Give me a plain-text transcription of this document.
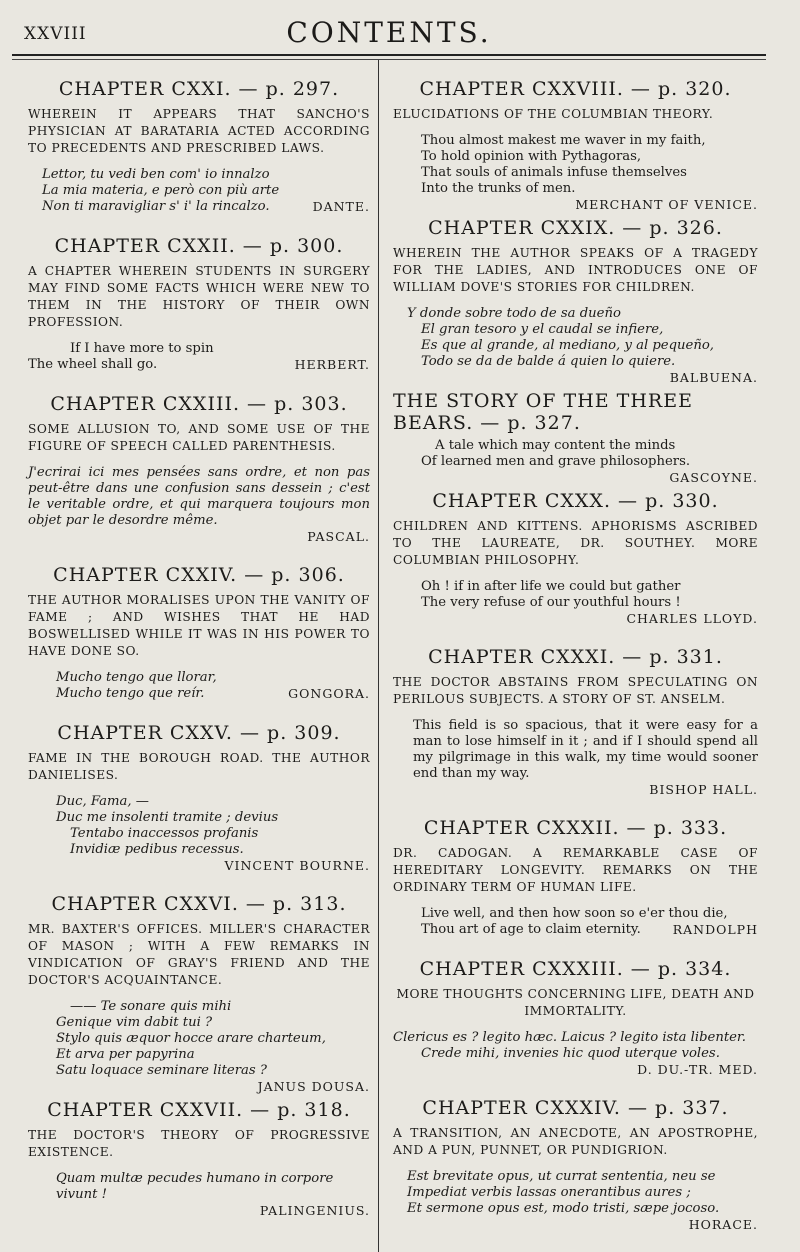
XXVIII	CONTENTS.
CHAPTER CXXI. — p. 297.

WHEREIN IT APPEARS THAT SANCHO'S PHYSICIAN AT BARATARIA ACTED ACCORDING TO PRECEDENTS AND PRESCRIBED LAWS.

Lettor, tu vedi ben com' io innalzo
La mia materia, e però con più arte
Non ti maravigliar s' i' la rincalzo.	DANTE.
CHAPTER CXXII. — p. 300.

A CHAPTER WHEREIN STUDENTS IN SURGERY MAY FIND SOME FACTS WHICH WERE NEW TO THEM IN THE HISTORY OF THEIR OWN PROFESSION.

If I have more to spin
The wheel shall go.	HERBERT.
CHAPTER CXXIII. — p. 303.

SOME ALLUSION TO, AND SOME USE OF THE FIGURE OF SPEECH CALLED PARENTHESIS.

J'ecrirai ici mes pensées sans ordre, et non pas peut-être dans une confusion sans dessein ; c'est le veritable ordre, et qui marquera toujours mon objet par le desordre même.
PASCAL.
CHAPTER CXXIV. — p. 306.

THE AUTHOR MORALISES UPON THE VANITY OF FAME ; AND WISHES THAT HE HAD BOSWELLISED WHILE IT WAS IN HIS POWER TO HAVE DONE SO.

Mucho tengo que llorar,
Mucho tengo que reír.	GONGORA.
CHAPTER CXXV. — p. 309.

FAME IN THE BOROUGH ROAD. THE AUTHOR DANIELISES.

Duc, Fama, —
Duc me insolenti tramite ; devius
Tentabo inaccessos profanis
Invidiæ pedibus recessus.
VINCENT BOURNE.
CHAPTER CXXVI. — p. 313.

MR. BAXTER'S OFFICES. MILLER'S CHARACTER OF MASON ; WITH A FEW REMARKS IN VINDICATION OF GRAY'S FRIEND AND THE DOCTOR'S ACQUAINTANCE.

—— Te sonare quis mihi
Genique vim dabit tui ?
Stylo quis æquor hocce arare charteum,
Et arva per papyrina
Satu loquace seminare literas ?
JANUS DOUSA.
CHAPTER CXXVII. — p. 318.

THE DOCTOR'S THEORY OF PROGRESSIVE EXISTENCE.

Quam multæ pecudes humano in corpore vivunt !
PALINGENIUS.
CHAPTER CXXVIII. — p. 320.

ELUCIDATIONS OF THE COLUMBIAN THEORY.

Thou almost makest me waver in my faith,
To hold opinion with Pythagoras,
That souls of animals infuse themselves
Into the trunks of men.
MERCHANT OF VENICE.
CHAPTER CXXIX. — p. 326.

WHEREIN THE AUTHOR SPEAKS OF A TRAGEDY FOR THE LADIES, AND INTRODUCES ONE OF WILLIAM DOVE'S STORIES FOR CHILDREN.

Y donde sobre todo de sa dueño
El gran tesoro y el caudal se infiere,
Es que al grande, al mediano, y al pequeño,
Todo se da de balde á quien lo quiere.
BALBUENA.
THE STORY OF THE THREE BEARS. — p. 327.
A tale which may content the minds
Of learned men and grave philosophers.
GASCOYNE.
CHAPTER CXXX. — p. 330.

CHILDREN AND KITTENS. APHORISMS ASCRIBED TO THE LAUREATE, DR. SOUTHEY. MORE COLUMBIAN PHILOSOPHY.

Oh ! if in after life we could but gather
The very refuse of our youthful hours !
CHARLES LLOYD.
CHAPTER CXXXI. — p. 331.

THE DOCTOR ABSTAINS FROM SPECULATING ON PERILOUS SUBJECTS. A STORY OF ST. ANSELM.

This field is so spacious, that it were easy for a man to lose himself in it ; and if I should spend all my pilgrimage in this walk, my time would sooner end than my way.
BISHOP HALL.
CHAPTER CXXXII. — p. 333.

DR. CADOGAN. A REMARKABLE CASE OF HEREDITARY LONGEVITY. REMARKS ON THE ORDINARY TERM OF HUMAN LIFE.

Live well, and then how soon so e'er thou die,
Thou art of age to claim eternity.	RANDOLPH
CHAPTER CXXXIII. — p. 334.

MORE THOUGHTS CONCERNING LIFE, DEATH AND IMMORTALITY.

Clericus es ? legito hæc. Laicus ? legito ista libenter.
Crede mihi, invenies hic quod uterque voles.
D. DU.-TR. MED.
CHAPTER CXXXIV. — p. 337.

A TRANSITION, AN ANECDOTE, AN APOSTROPHE, AND A PUN, PUNNET, OR PUNDIGRION.

Est brevitate opus, ut currat sententia, neu se
Impediat verbis lassas onerantibus aures ;
Et sermone opus est, modo tristi, sæpe jocoso.
HORACE.
